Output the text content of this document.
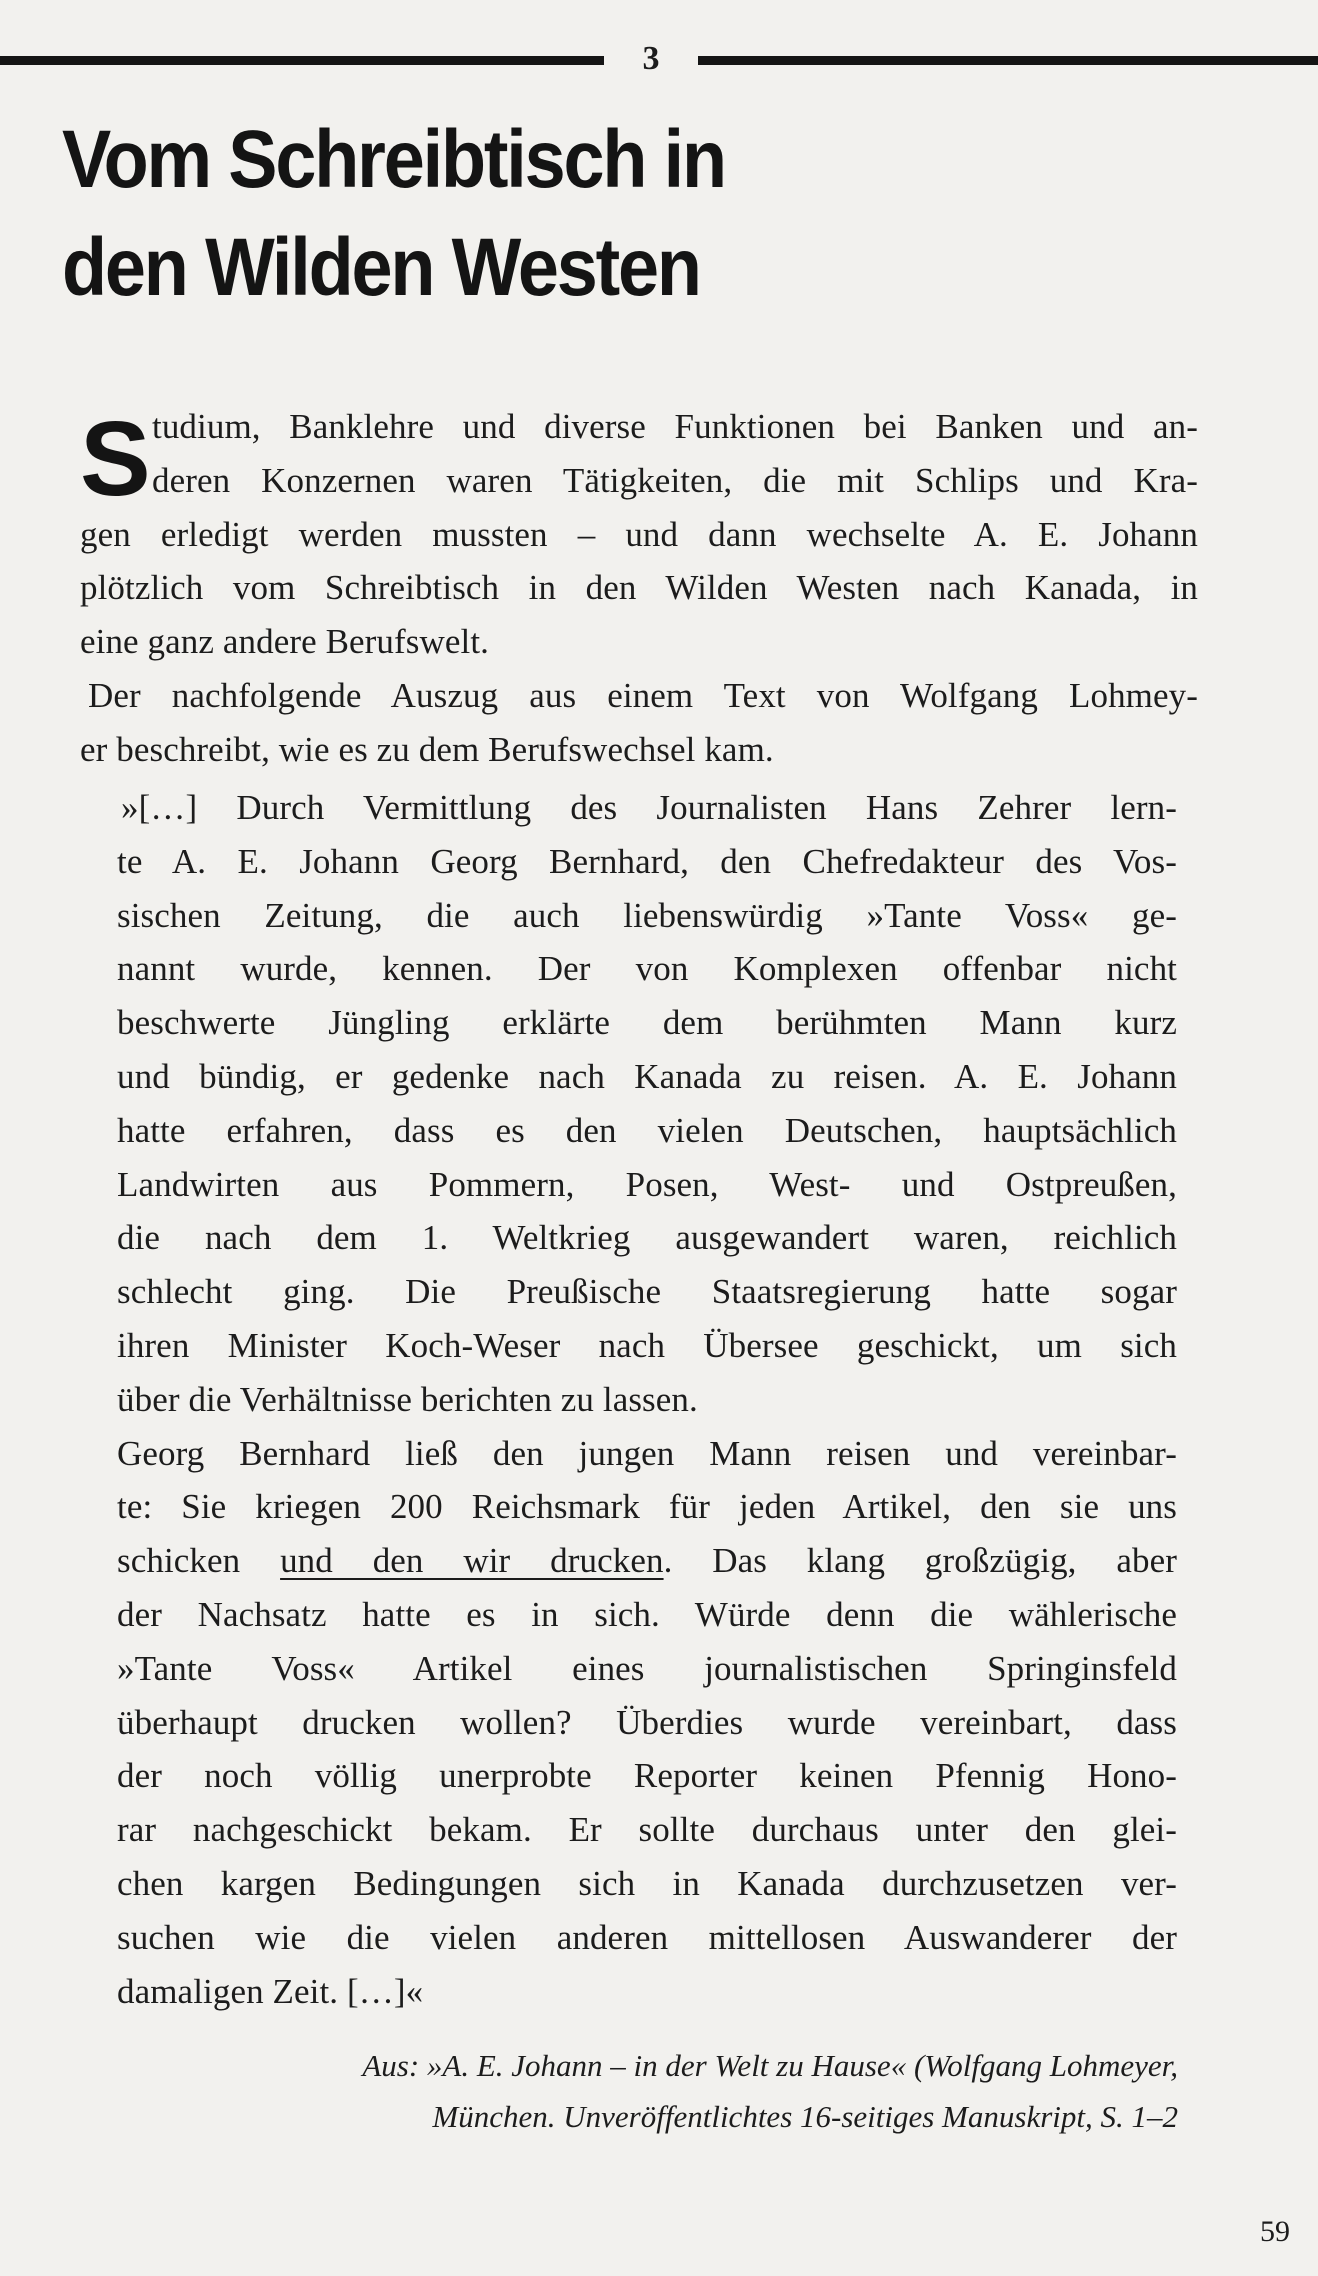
3
Vom Schreibtisch in
den Wilden Westen
S tudium, Banklehre und diverse Funktionen bei Banken und an-
deren Konzernen waren Tätigkeiten, die mit Schlips und Kra-
gen erledigt werden mussten – und dann wechselte A. E. Johann
plötzlich vom Schreibtisch in den Wilden Westen nach Kanada, in
eine ganz andere Berufswelt.
Der nachfolgende Auszug aus einem Text von Wolfgang Lohmey-
er beschreibt, wie es zu dem Berufswechsel kam.
»[…] Durch Vermittlung des Journalisten Hans Zehrer lern-
te A. E. Johann Georg Bernhard, den Chefredakteur des Vos-
sischen Zeitung, die auch liebenswürdig »Tante Voss« ge-
nannt wurde, kennen. Der von Komplexen offenbar nicht
beschwerte Jüngling erklärte dem berühmten Mann kurz
und bündig, er gedenke nach Kanada zu reisen. A. E. Johann
hatte erfahren, dass es den vielen Deutschen, hauptsächlich
Landwirten aus Pommern, Posen, West- und Ostpreußen,
die nach dem 1. Weltkrieg ausgewandert waren, reichlich
schlecht ging. Die Preußische Staatsregierung hatte sogar
ihren Minister Koch-Weser nach Übersee geschickt, um sich
über die Verhältnisse berichten zu lassen.
Georg Bernhard ließ den jungen Mann reisen und vereinbar-
te: Sie kriegen 200 Reichsmark für jeden Artikel, den sie uns
schicken und den wir drucken. Das klang großzügig, aber
der Nachsatz hatte es in sich. Würde denn die wählerische
»Tante Voss« Artikel eines journalistischen Springinsfeld
überhaupt drucken wollen? Überdies wurde vereinbart, dass
der noch völlig unerprobte Reporter keinen Pfennig Hono-
rar nachgeschickt bekam. Er sollte durchaus unter den glei-
chen kargen Bedingungen sich in Kanada durchzusetzen ver-
suchen wie die vielen anderen mittellosen Auswanderer der
damaligen Zeit. […]«
Aus: »A. E. Johann – in der Welt zu Hause« (Wolfgang Lohmeyer,
München. Unveröffentlichtes 16-seitiges Manuskript, S. 1–2
59
